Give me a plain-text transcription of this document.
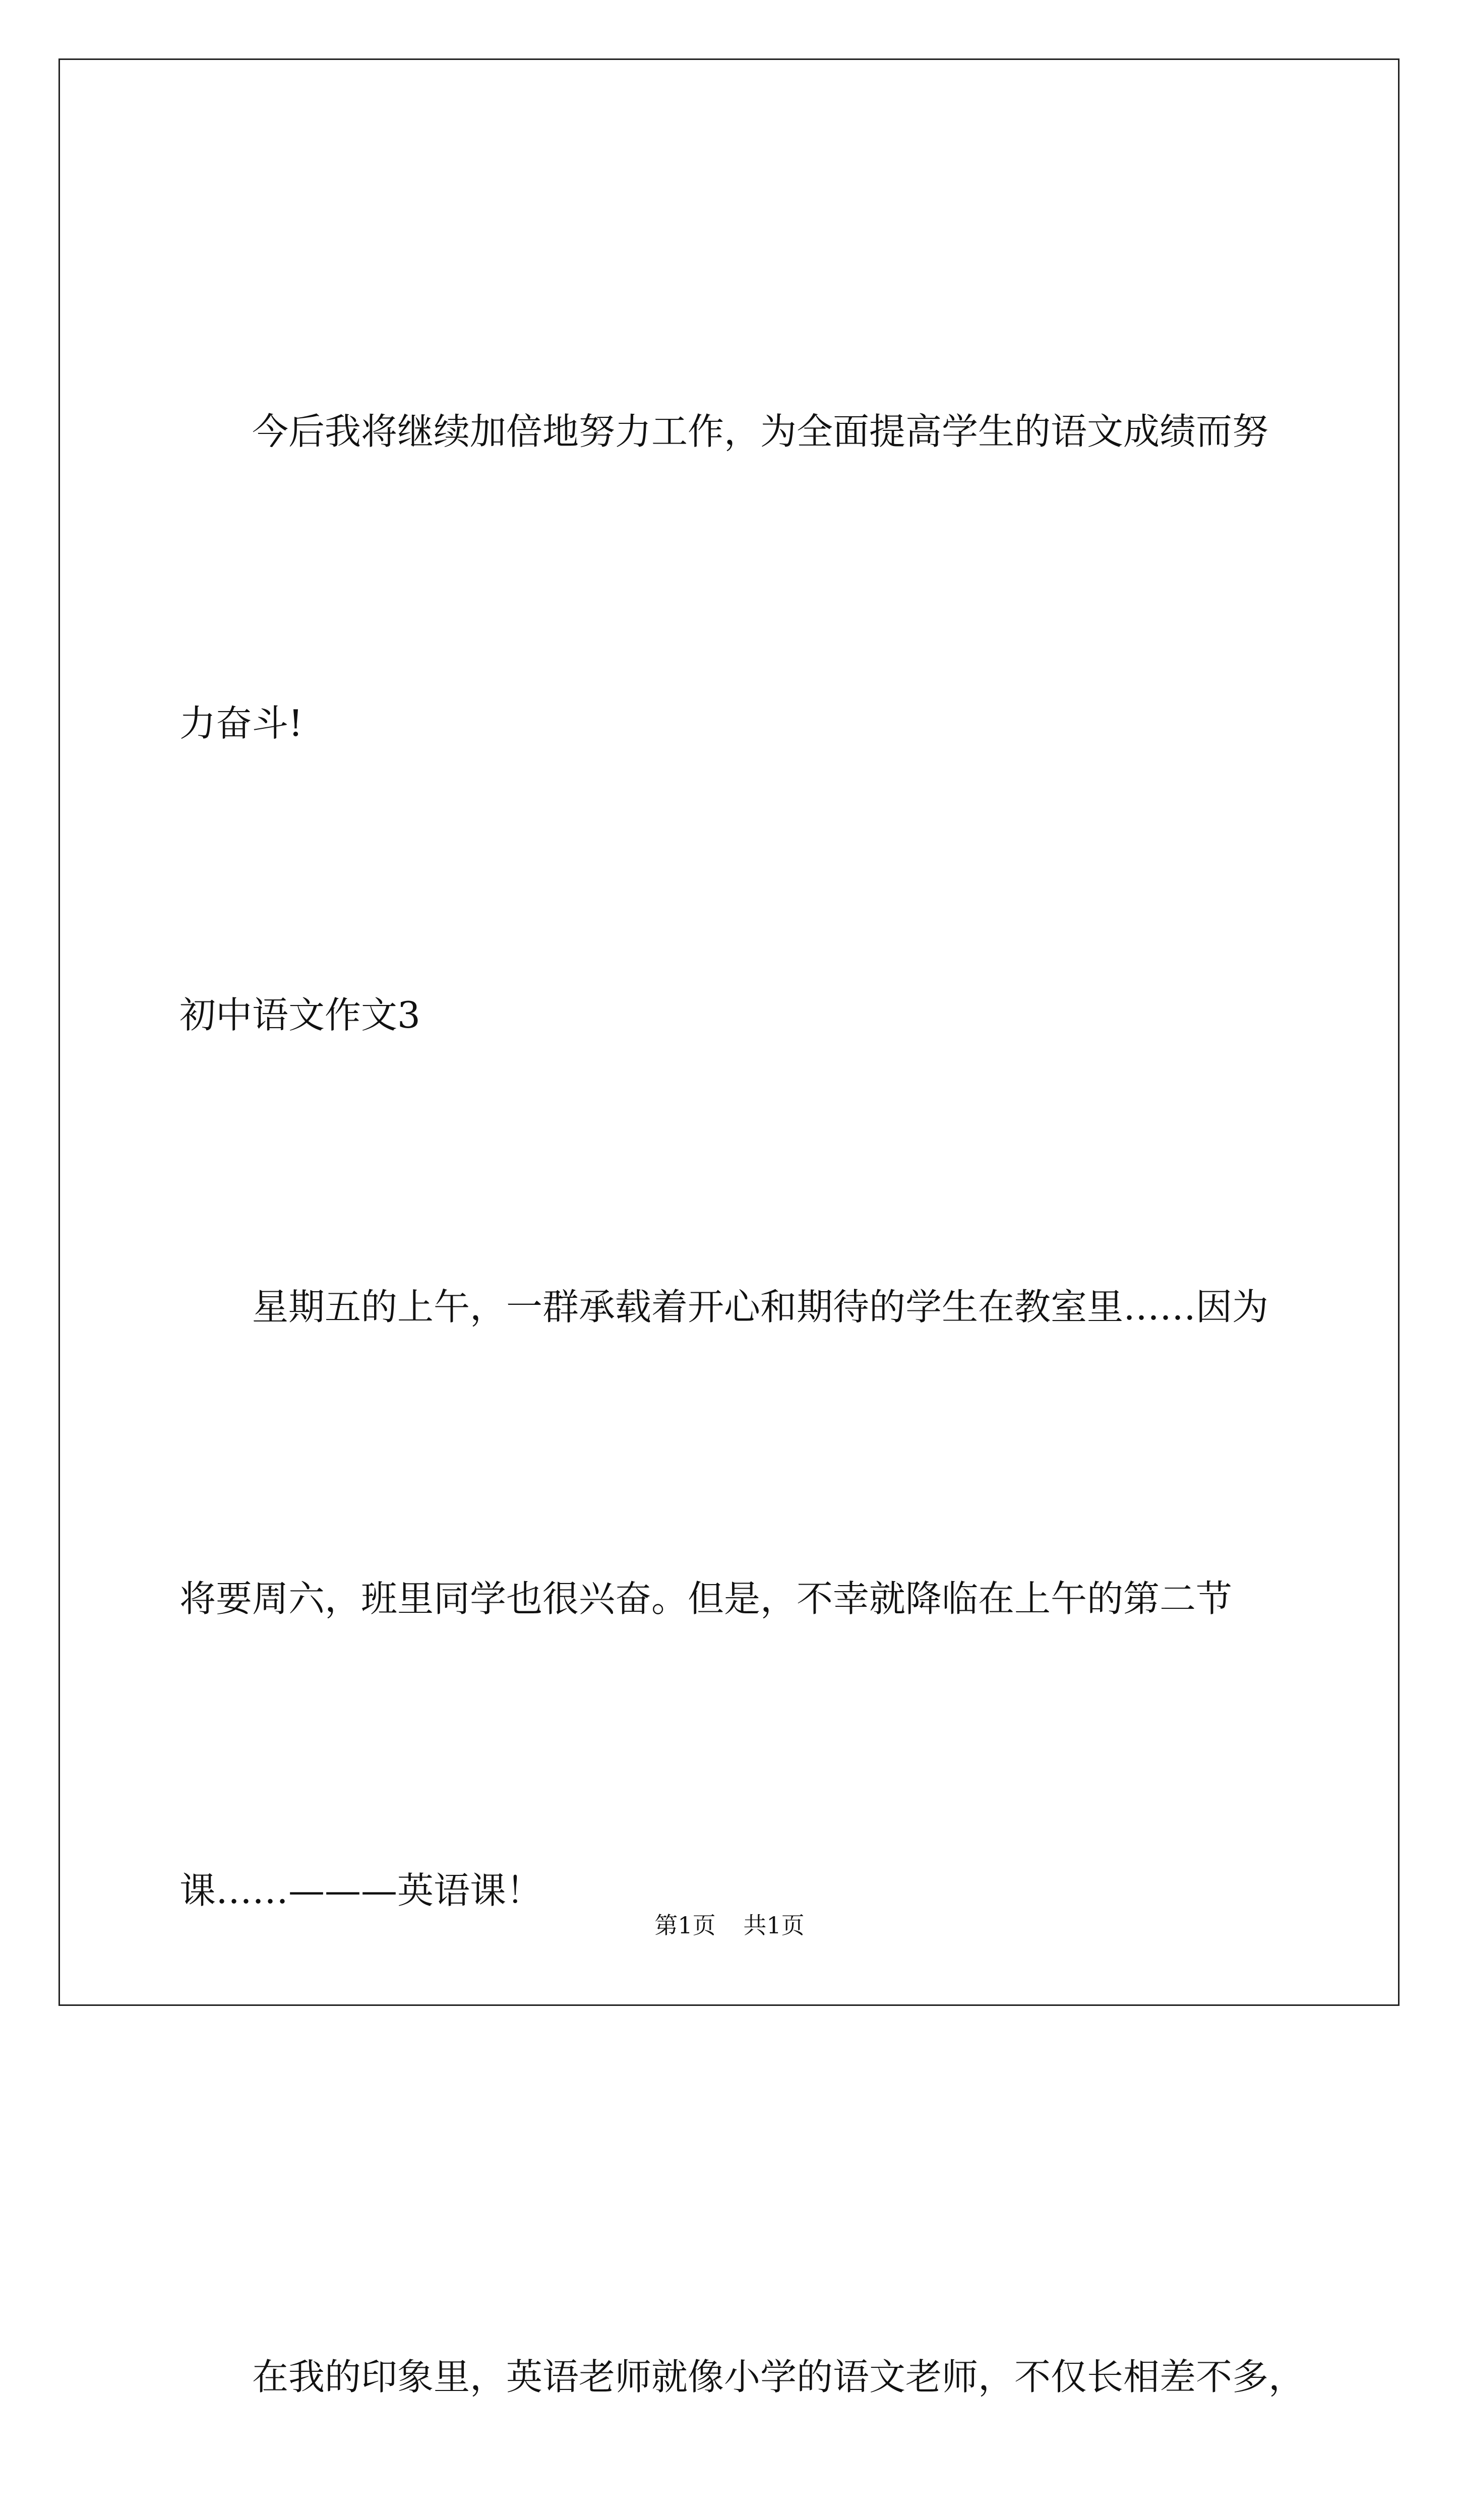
今后我将继续加倍地努力工作，为全面提高学生的语文成绩而努

力奋斗!

初中语文作文3

星期五的上午，一群承载着开心和期待的学生在教室里……因为

将要周六，班里同学也很兴奋。但是，不幸就降临在上午的第二节

课……———英语课！

在我的印象里，英语老师就像小学的语文老师，不仅长相差不多，

第1页 共1页
